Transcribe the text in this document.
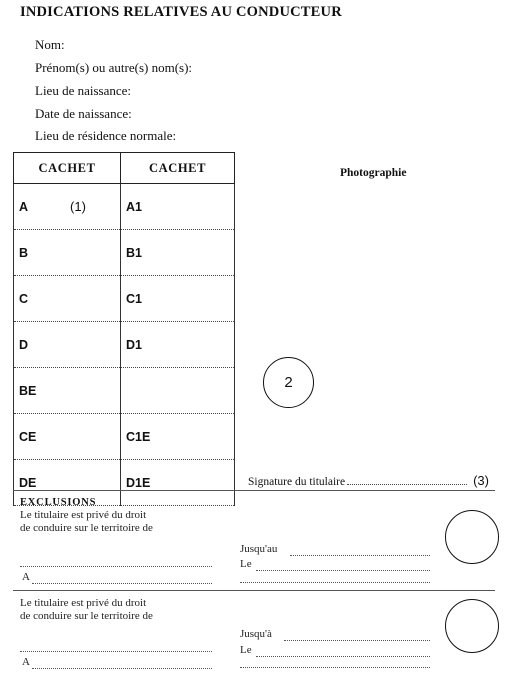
INDICATIONS RELATIVES AU CONDUCTEUR
Nom:
Prénom(s) ou autre(s) nom(s):
Lieu de naissance:
Date de naissance:
Lieu de résidence normale:
CACHET	CACHET
A (1)	A1
B	B1
C	C1
D	D1
BE	
CE	C1E
DE	D1E
Photographie
2
Signature du titulaire	(3)
EXCLUSIONS
Le titulaire est privé du droit
de conduire sur le territoire de
A
Jusqu'au
Le
Le titulaire est privé du droit
de conduire sur le territoire de
A
Jusqu'à
Le
